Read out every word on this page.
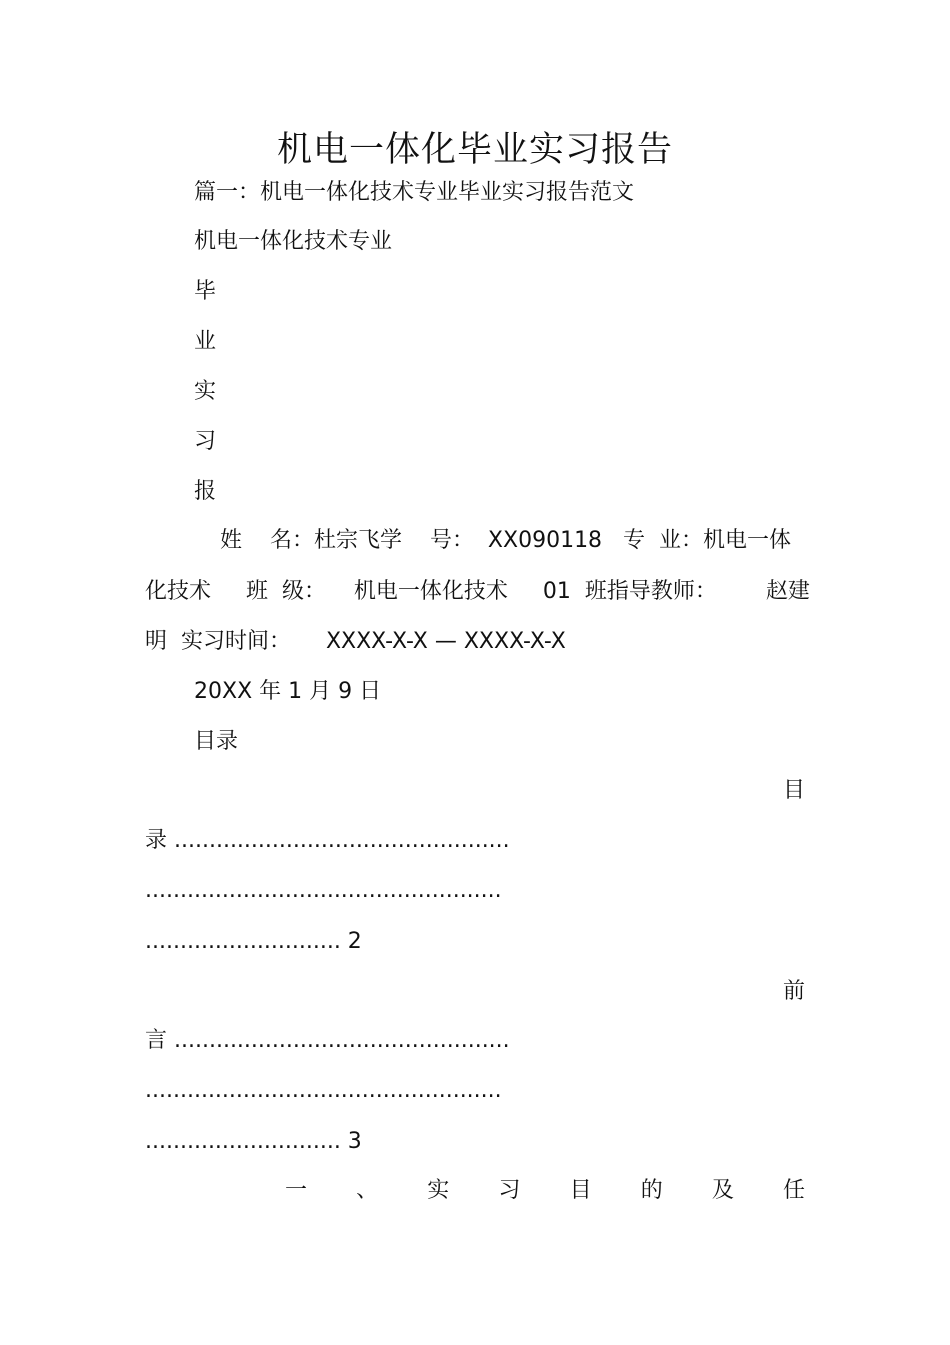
机电一体化毕业实习报告
篇一：机电一体化技术专业毕业实习报告范文
机电一体化技术专业
毕
业
实
习
报
姓    名：杜宗飞学    号：  XX090118   专  业：机电一体
化技术     班  级：    机电一体化技术     01  班指导教师：       赵建
明  实习时间：     XXXX-X-X — XXXX-X-X
20XX 年 1 月 9 日
目录
目
录 ................................................
...................................................
............................ 2
前
言 ................................................
...................................................
............................ 3
一 、 实 习 目 的 及 任
